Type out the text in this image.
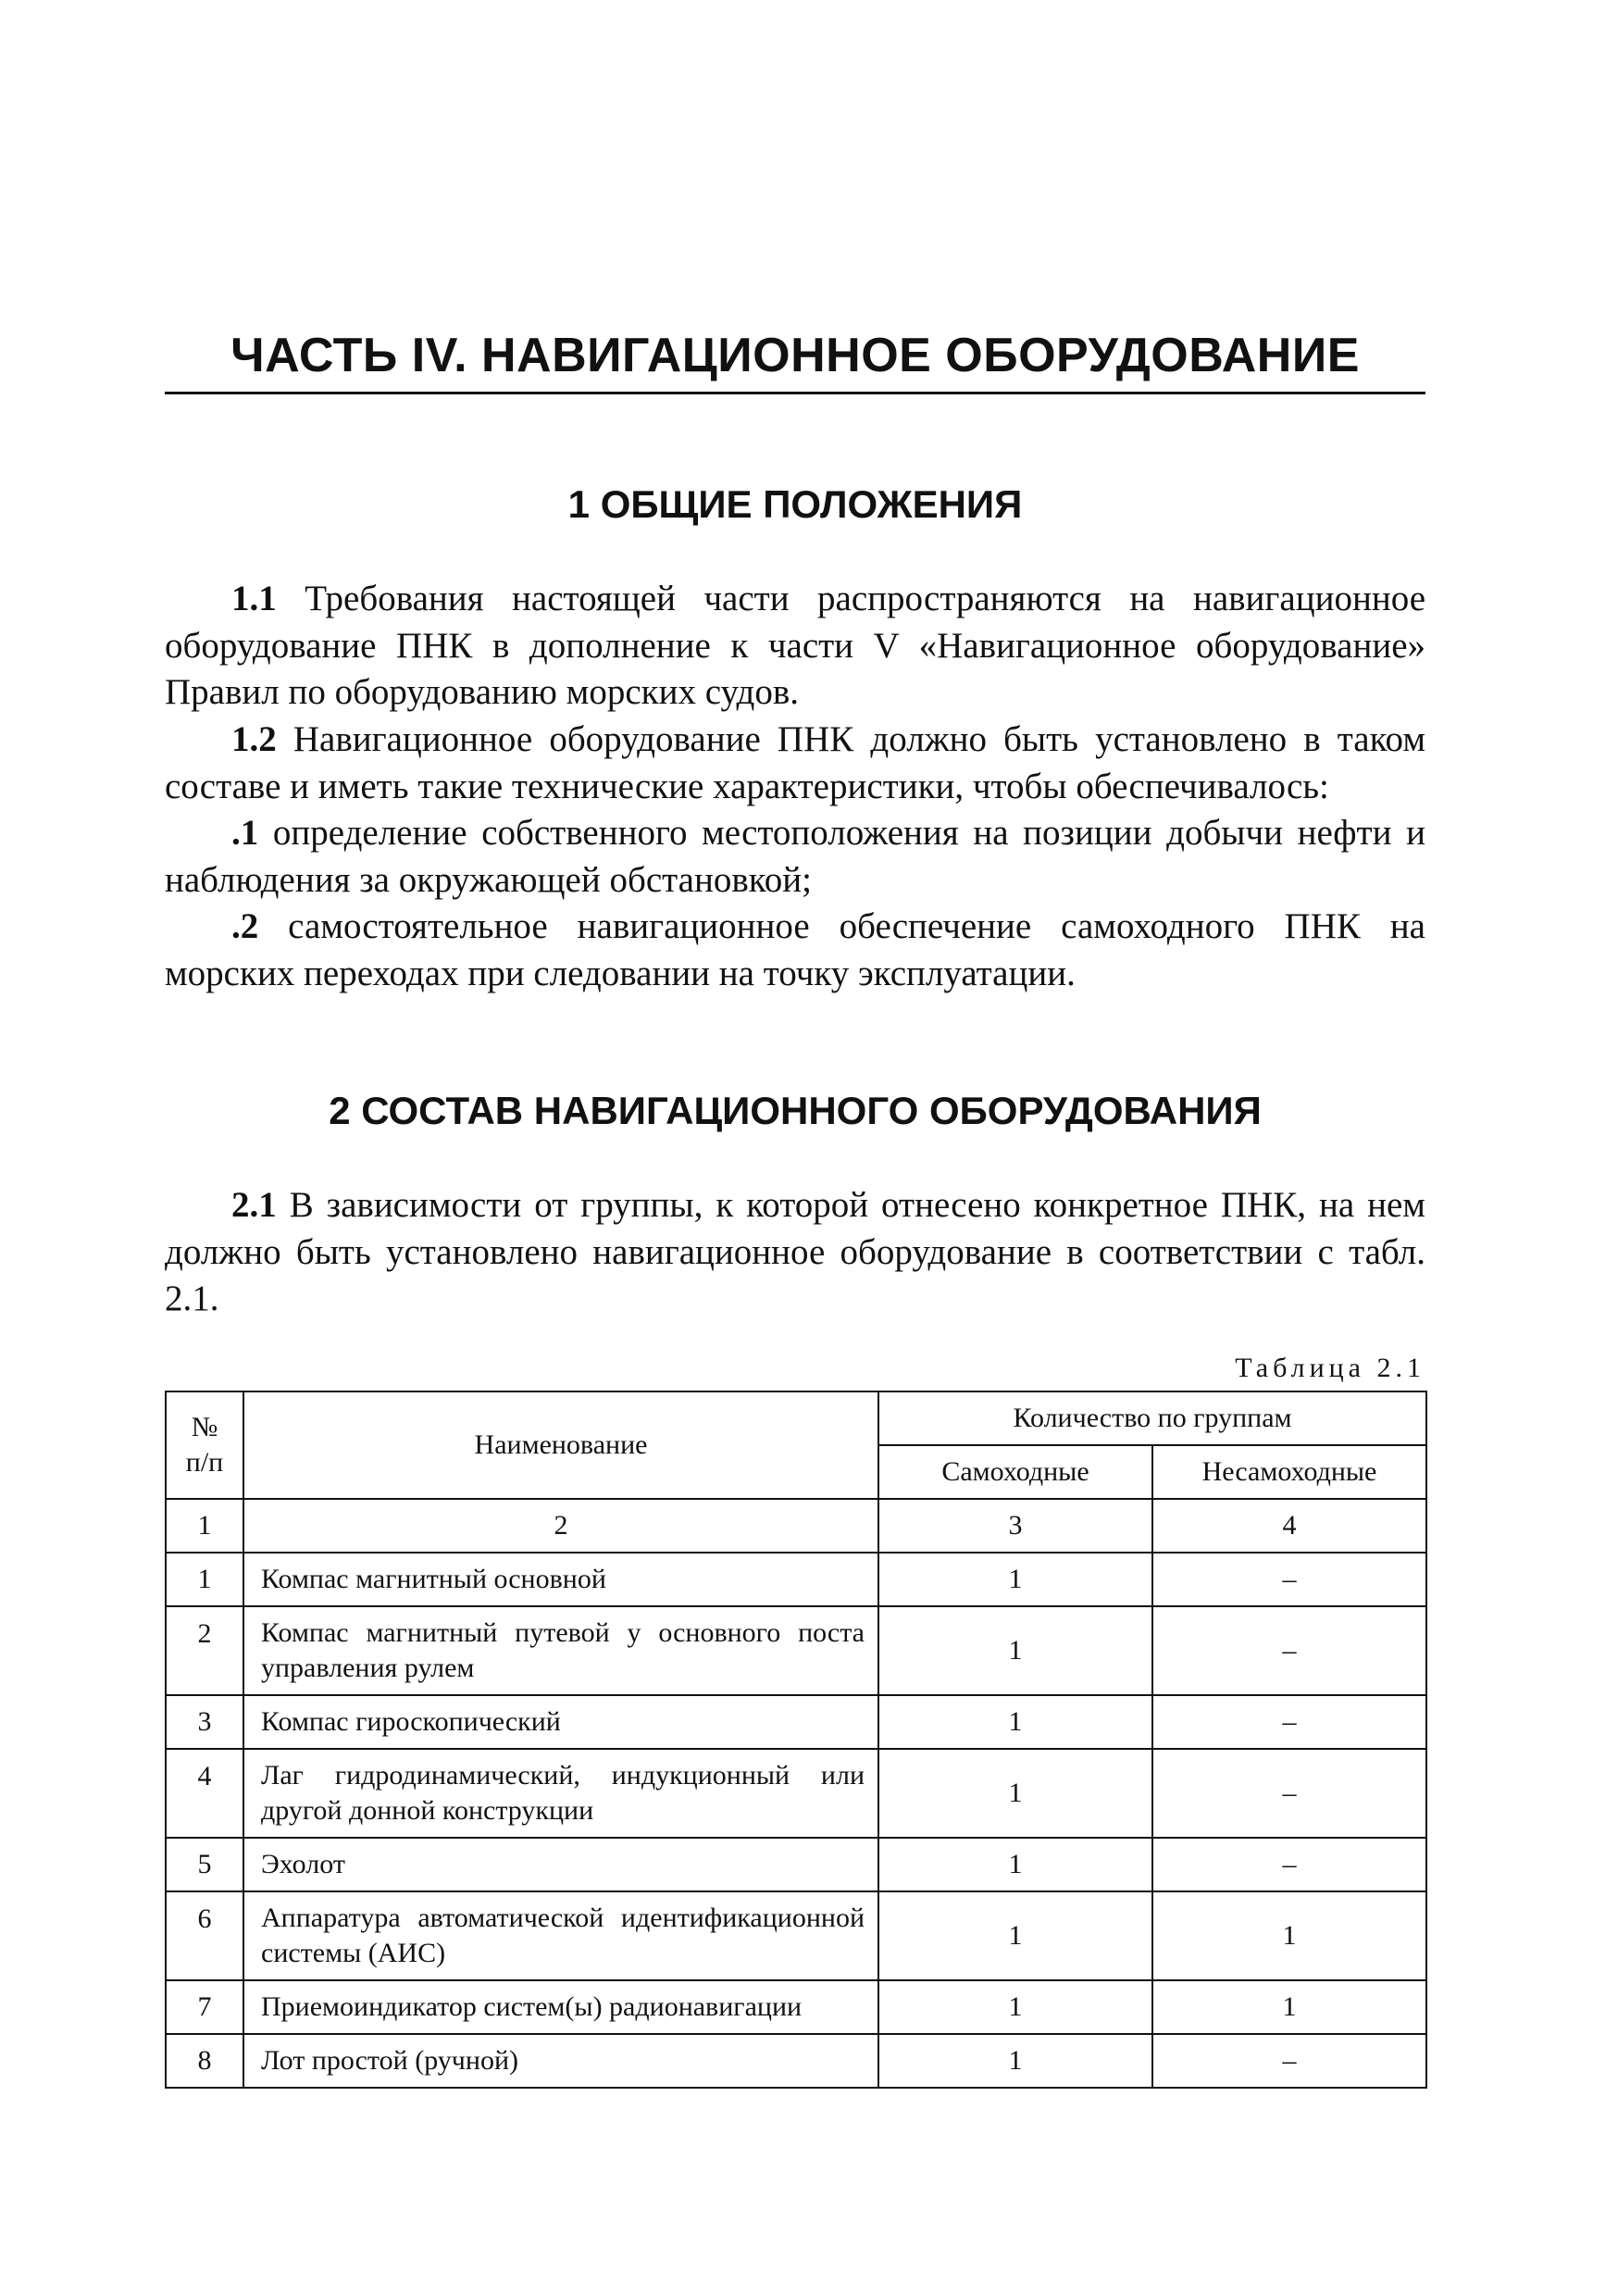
ЧАСТЬ IV. НАВИГАЦИОННОЕ ОБОРУДОВАНИЕ
1 ОБЩИЕ ПОЛОЖЕНИЯ
1.1 Требования настоящей части распространяются на навигационное оборудование ПНК в дополнение к части V «Навигационное оборудование» Правил по оборудованию морских судов.
1.2 Навигационное оборудование ПНК должно быть установлено в таком составе и иметь такие технические характеристики, чтобы обеспечивалось:
.1 определение собственного местоположения на позиции добычи нефти и наблюдения за окружающей обстановкой;
.2 самостоятельное навигационное обеспечение самоходного ПНК на морских переходах при следовании на точку эксплуатации.
2 СОСТАВ НАВИГАЦИОННОГО ОБОРУДОВАНИЯ
2.1 В зависимости от группы, к которой отнесено конкретное ПНК, на нем должно быть установлено навигационное оборудование в соответствии с табл. 2.1.
Таблица 2.1
№
п/п	Наименование	Количество по группам	
		Самоходные	Несамоходные
1	2	3	4
1	Компас магнитный основной	1	–
2	Компас магнитный путевой у основного поста управления рулем	1	–
3	Компас гироскопический	1	–
4	Лаг гидродинамический, индукционный или другой донной конструкции	1	–
5	Эхолот	1	–
6	Аппаратура автоматической идентификационной системы (АИС)	1	1
7	Приемоиндикатор систем(ы) радионавигации	1	1
8	Лот простой (ручной)	1	–
